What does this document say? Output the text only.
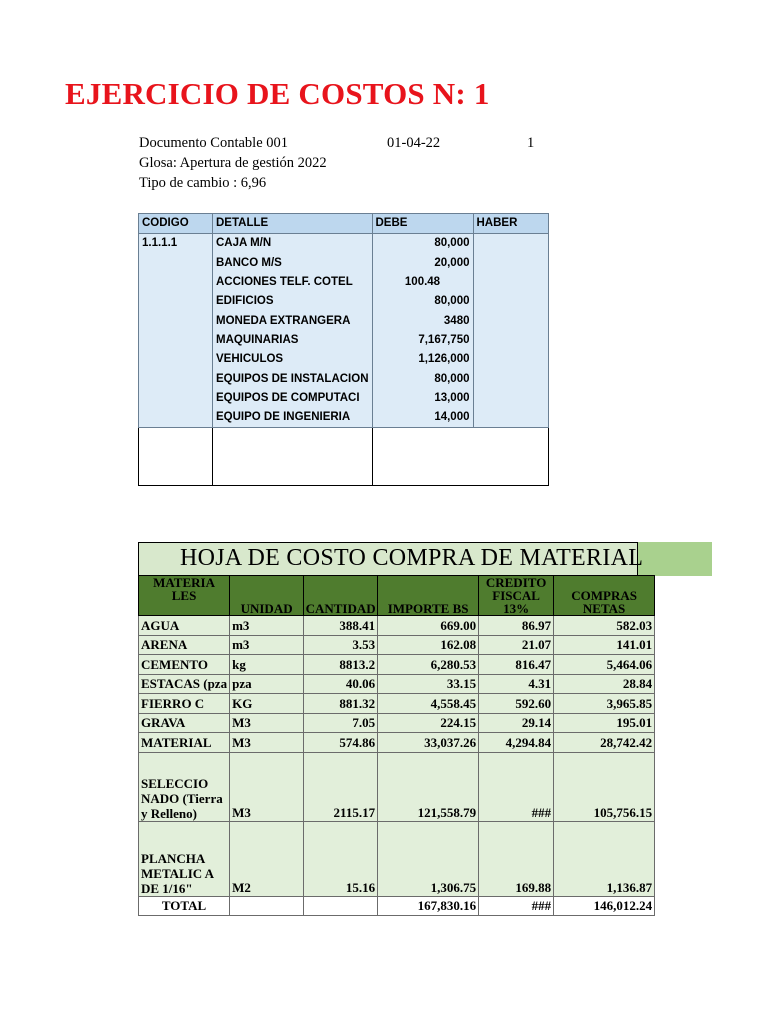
EJERCICIO DE COSTOS N: 1
Documento Contable 001	01-04-22	1
Glosa: Apertura de gestión 2022
Tipo de cambio : 6,96
CODIGO	DETALLE	DEBE	HABER
1.1.1.1	CAJA M/N	80,000	
	BANCO M/S	20,000	
	ACCIONES TELF. COTEL	100.48	
	EDIFICIOS	80,000	
	MONEDA EXTRANGERA	3480	
	MAQUINARIAS	7,167,750	
	VEHICULOS	1,126,000	
	EQUIPOS DE INSTALACION	80,000	
	EQUIPOS DE COMPUTACI	13,000	
	EQUIPO DE INGENIERIA	14,000	

HOJA DE COSTO COMPRA DE MATERIAL
MATERIA LES	UNIDAD	CANTIDAD	IMPORTE BS	CREDITO FISCAL 13%	COMPRAS NETAS
AGUA	m3	388.41	669.00	86.97	582.03
ARENA	m3	3.53	162.08	21.07	141.01
CEMENTO	kg	8813.2	6,280.53	816.47	5,464.06
ESTACAS (pza	pza	40.06	33.15	4.31	28.84
FIERRO C	KG	881.32	4,558.45	592.60	3,965.85
GRAVA	M3	7.05	224.15	29.14	195.01
MATERIAL	M3	574.86	33,037.26	4,294.84	28,742.42
SELECCIO NADO (Tierra y Relleno)	M3	2115.17	121,558.79	###	105,756.15
PLANCHA METALIC A DE 1/16"	M2	15.16	1,306.75	169.88	1,136.87
TOTAL			167,830.16	###	146,012.24
